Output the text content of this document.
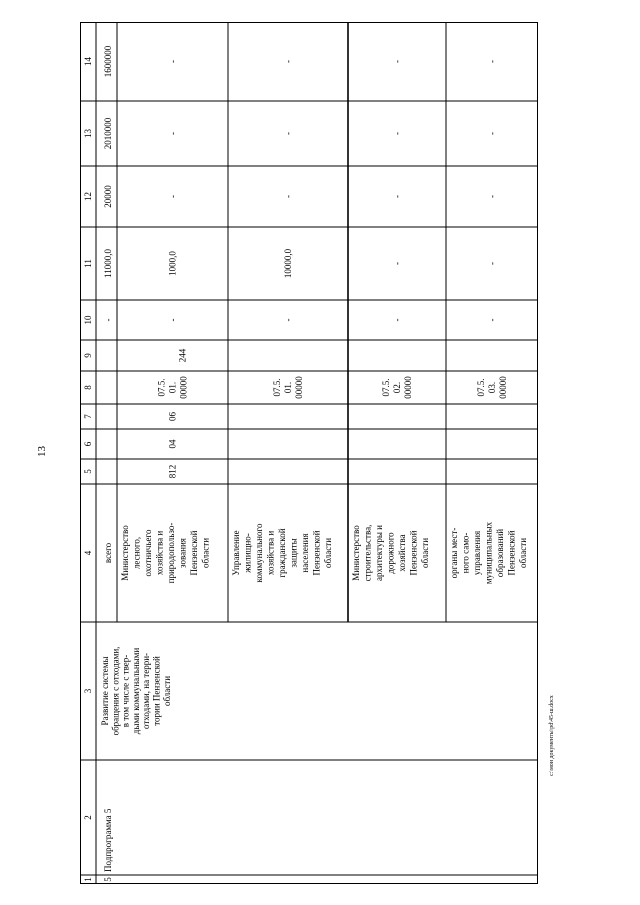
13
1
2
3
4
5
6
7
8
9
10
11
12
13
14
5
Подпрограмма 5
Развитие системы обращения с отходами, в том числе с твер- дыми коммунальными отходами, на терри- тории Пензенской области
всего
-
11000,0
20000
2010000
1600000
Министерство лесного, охотничьего хозяйства и природопользо- зования Пензенской области
07.5. 01. 00000
812
04
06
244
-
1000,0
-
-
-
Управление жилищно- коммунального хозяйства и гражданской защиты населения Пензенской области
07.5. 01. 00000
-
10000,0
-
-
-
Министерство строительства, архитектуры и дорожного хозяйства Пензенской области
07.5. 02. 00000
-
-
-
-
-
органы мест- ного само- управления муниципальных образований Пензенской области
07.5. 03. 00000
-
-
-
-
-
c:\мои документы\pd\45-ш.docx
